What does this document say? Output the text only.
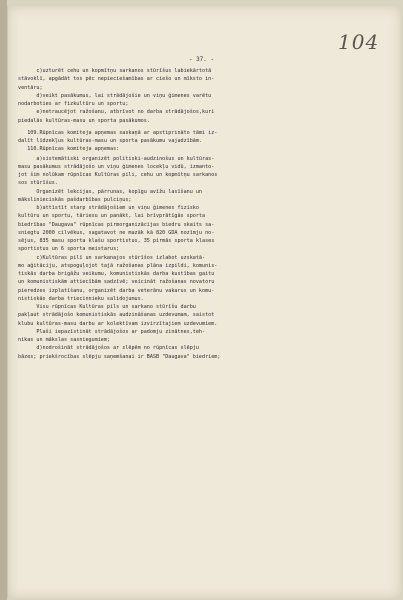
- 37. -
104
c)uzturēt cehu un kopmītņu sarkanos stūrīšus labiekārtotā
stāvoklī, apgādāt tos pēc nepieciešamības ar ciešo un mīksto in-
ventāru;
d)veikt pasākumus, lai strādājošie un viņu ģimenes varētu
nodarboties ar fizkultūru un sportu;
e)netraucējot ražošanu, atbrīvot no darba strādājošos,kuri
piedalās kultūras-masu un sporta pasākumos.
109.Rūpnīcas komiteja apņemas saskaņā ar apstiprināto tāmi iz-
dalīt līdzekļus kultūras-masu un sporta pasākumu vajadzībām.
110.Rūpnīcas komiteja apņemas:
a)sistemātiski organizēt politiski-audzinošus un kultūras-
masu pasākumus strādājošo un viņu ģimenes locekļu vidū, izmanto-
jot šim nolūkam rūpnīcas Kultūras pili, cehu un kopmītņu sarkanos
sos stūrīšus.
Organizēt lekcijas, pārrunas, kopīgu avīžu lasīšanu un
mākslinieciskās pašdarbības pulciņus;
b)attīstīt starp strādājošiem un viņu ģimenes fizisko
kultūru un sportu, tāriesu un panākt, lai brīvprātīgās sporta
biedrības "Daugava" rūpnīcas pirmorganizācijas biedru skaits sa-
sniegtu 2000 cilvēkus, sagatavot ne mazāk kā 820 GDA nozīmju no-
sējus, 835 masu sporta klašu sportistus, 35 pirmās sporta klases
sportistus un 6 sporta meistarus;
c)Kultūras pilī un sarkanajos stūrīšos izlabot uzskatā-
mo aģitāciju, atspoguļojot tajā ražošanas plāna izpildi, komunis-
tiskās darba brigāžu veikumu, komunistiskās darba kustības gaitu
un komunistiskām attiecībām sadzīvē; veicināt ražošanas novatoru
pieredzes izplatīšanu, organizēt darba veterānu vakarus un komu-
nistiskās darba triecinnieku salidojumus.
Visu rūpnīcas Kultūras pils un sarkano stūrīšu darbu
pakļaut strādājošo komunistiskās audzināšanas uzdevumam, saistot
klubu kultūras-masu darbu ar kolektīvam izvirzītajiem uzdevumiem.
Plaši iepazīstināt strādājošos ar padomju zinātnes,teh-
nikas un mākslas sasniegumiem;
d)nodrošināt strādājošos ar slēpēm no rūpnīcas slēpju
bāzes; priekšrocības slēpju saņemšanai ir BASB "Daugava" biedriem;
